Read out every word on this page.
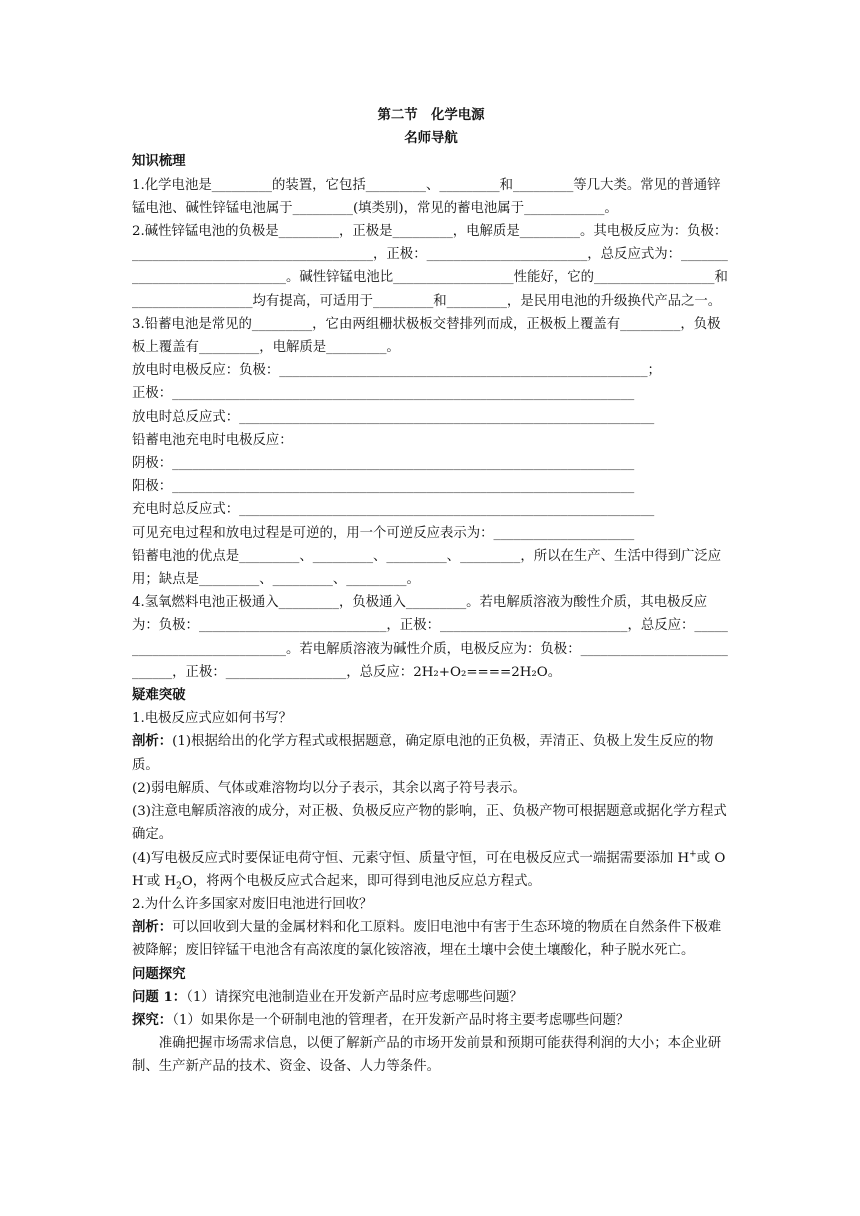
第二节　化学电源
名师导航
知识梳理

1.化学电池是_________的装置，它包括_________、_________和_________等几大类。常见的普通锌锰电池、碱性锌锰电池属于_________(填类别)，常见的蓄电池属于____________。

2.碱性锌锰电池的负极是_________，正极是_________，电解质是_________。其电极反应为：负极：____________________________________，正极：________________________，总反应式为：______________________________。碱性锌锰电池比__________________性能好，它的__________________和__________________均有提高，可适用于_________和_________，是民用电池的升级换代产品之一。

3.铅蓄电池是常见的_________，它由两组栅状极板交替排列而成，正极板上覆盖有_________，负极板上覆盖有_________，电解质是_________。

放电时电极反应：负极：_______________________________________________________；

正极：_____________________________________________________________________

放电时总反应式：______________________________________________________________

铅蓄电池充电时电极反应：

阴极：_____________________________________________________________________

阳极：_____________________________________________________________________

充电时总反应式：______________________________________________________________

可见充电过程和放电过程是可逆的，用一个可逆反应表示为：_____________________

铅蓄电池的优点是_________、_________、_________、_________，所以在生产、生活中得到广泛应用；缺点是_________、_________、_________。

4.氢氧燃料电池正极通入_________，负极通入_________。若电解质溶液为酸性介质，其电极反应为：负极：____________________________，正极：____________________________，总反应：____________________________。若电解质溶液为碱性介质，电极反应为：负极：____________________________，正极：__________________，总反应：2H₂+O₂====2H₂O。

疑难突破

1.电极反应式应如何书写？

剖析：(1)根据给出的化学方程式或根据题意，确定原电池的正负极，弄清正、负极上发生反应的物质。

(2)弱电解质、气体或难溶物均以分子表示，其余以离子符号表示。

(3)注意电解质溶液的成分，对正极、负极反应产物的影响，正、负极产物可根据题意或据化学方程式确定。

(4)写电极反应式时要保证电荷守恒、元素守恒、质量守恒，可在电极反应式一端据需要添加 H+或 OH-或 $H_2O$，将两个电极反应式合起来，即可得到电池反应总方程式。

2.为什么许多国家对废旧电池进行回收？

剖析：可以回收到大量的金属材料和化工原料。废旧电池中有害于生态环境的物质在自然条件下极难被降解；废旧锌锰干电池含有高浓度的氯化铵溶液，埋在土壤中会使土壤酸化，种子脱水死亡。

问题探究

问题 1：（1）请探究电池制造业在开发新产品时应考虑哪些问题？

探究：（1）如果你是一个研制电池的管理者，在开发新产品时将主要考虑哪些问题？

准确把握市场需求信息，以便了解新产品的市场开发前景和预期可能获得利润的大小；本企业研制、生产新产品的技术、资金、设备、人力等条件。
